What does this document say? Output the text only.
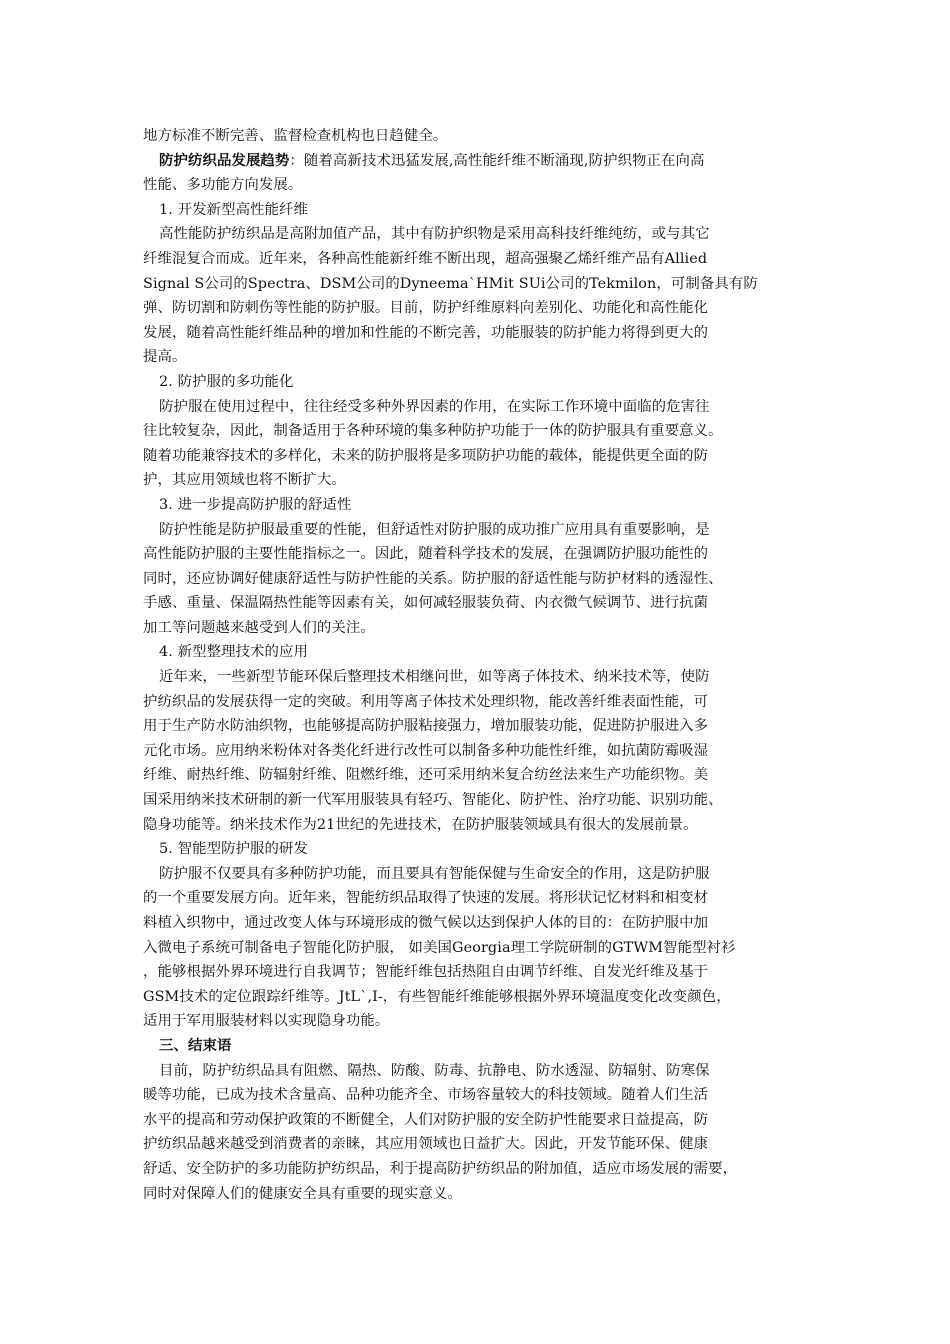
地方标准不断完善、监督检查机构也日趋健全。
防护纺织品发展趋势：随着高新技术迅猛发展,高性能纤维不断涌现,防护织物正在向高
性能、多功能方向发展。
1. 开发新型高性能纤维
高性能防护纺织品是高附加值产品，其中有防护织物是采用高科技纤维纯纺，或与其它
纤维混复合而成。近年来，各种高性能新纤维不断出现，超高强聚乙烯纤维产品有Allied
Signal S公司的Spectra、DSM公司的Dyneema`HMit SUi公司的Tekmilon，可制备具有防
弹、防切割和防刺伤等性能的防护服。目前，防护纤维原料向差别化、功能化和高性能化
发展，随着高性能纤维品种的增加和性能的不断完善，功能服装的防护能力将得到更大的
提高。
2. 防护服的多功能化
防护服在使用过程中，往往经受多种外界因素的作用，在实际工作环境中面临的危害往
往比较复杂，因此，制备适用于各种环境的集多种防护功能于一体的防护服具有重要意义。
随着功能兼容技术的多样化，未来的防护服将是多项防护功能的载体，能提供更全面的防
护，其应用领域也将不断扩大。
3. 进一步提高防护服的舒适性
防护性能是防护服最重要的性能，但舒适性对防护服的成功推广应用具有重要影响，是
高性能防护服的主要性能指标之一。因此，随着科学技术的发展，在强调防护服功能性的
同时，还应协调好健康舒适性与防护性能的关系。防护服的舒适性能与防护材料的透湿性、
手感、重量、保温隔热性能等因素有关，如何减轻服装负荷、内衣微气候调节、进行抗菌
加工等问题越来越受到人们的关注。
4. 新型整理技术的应用
近年来，一些新型节能环保后整理技术相继问世，如等离子体技术、纳米技术等，使防
护纺织品的发展获得一定的突破。利用等离子体技术处理织物，能改善纤维表面性能，可
用于生产防水防油织物，也能够提高防护服粘接强力，增加服装功能，促进防护服进入多
元化市场。应用纳米粉体对各类化纤进行改性可以制备多种功能性纤维，如抗菌防霉吸湿
纤维、耐热纤维、防辐射纤维、阻燃纤维，还可采用纳米复合纺丝法来生产功能织物。美
国采用纳米技术研制的新一代军用服装具有轻巧、智能化、防护性、治疗功能、识别功能、
隐身功能等。纳米技术作为21世纪的先进技术，在防护服装领域具有很大的发展前景。
5. 智能型防护服的研发
防护服不仅要具有多种防护功能，而且要具有智能保健与生命安全的作用，这是防护服
的一个重要发展方向。近年来，智能纺织品取得了快速的发展。将形状记忆材料和相变材
料植入织物中，通过改变人体与环境形成的微气候以达到保护人体的目的：在防护服中加
入微电子系统可制备电子智能化防护服， 如美国Georgia理工学院研制的GTWM智能型衬衫
，能够根据外界环境进行自我调节；智能纤维包括热阻自由调节纤维、自发光纤维及基于
GSM技术的定位跟踪纤维等。JtL`,I-，有些智能纤维能够根据外界环境温度变化改变颜色，
适用于军用服装材料以实现隐身功能。
三、结束语
目前，防护纺织品具有阻燃、隔热、防酸、防毒、抗静电、防水透湿、防辐射、防寒保
暖等功能，已成为技术含量高、品种功能齐全、市场容量较大的科技领域。随着人们生活
水平的提高和劳动保护政策的不断健全，人们对防护服的安全防护性能要求日益提高，防
护纺织品越来越受到消费者的亲睐，其应用领域也日益扩大。因此，开发节能环保、健康
舒适、安全防护的多功能防护纺织品，利于提高防护纺织品的附加值，适应市场发展的需要，
同时对保障人们的健康安全具有重要的现实意义。
